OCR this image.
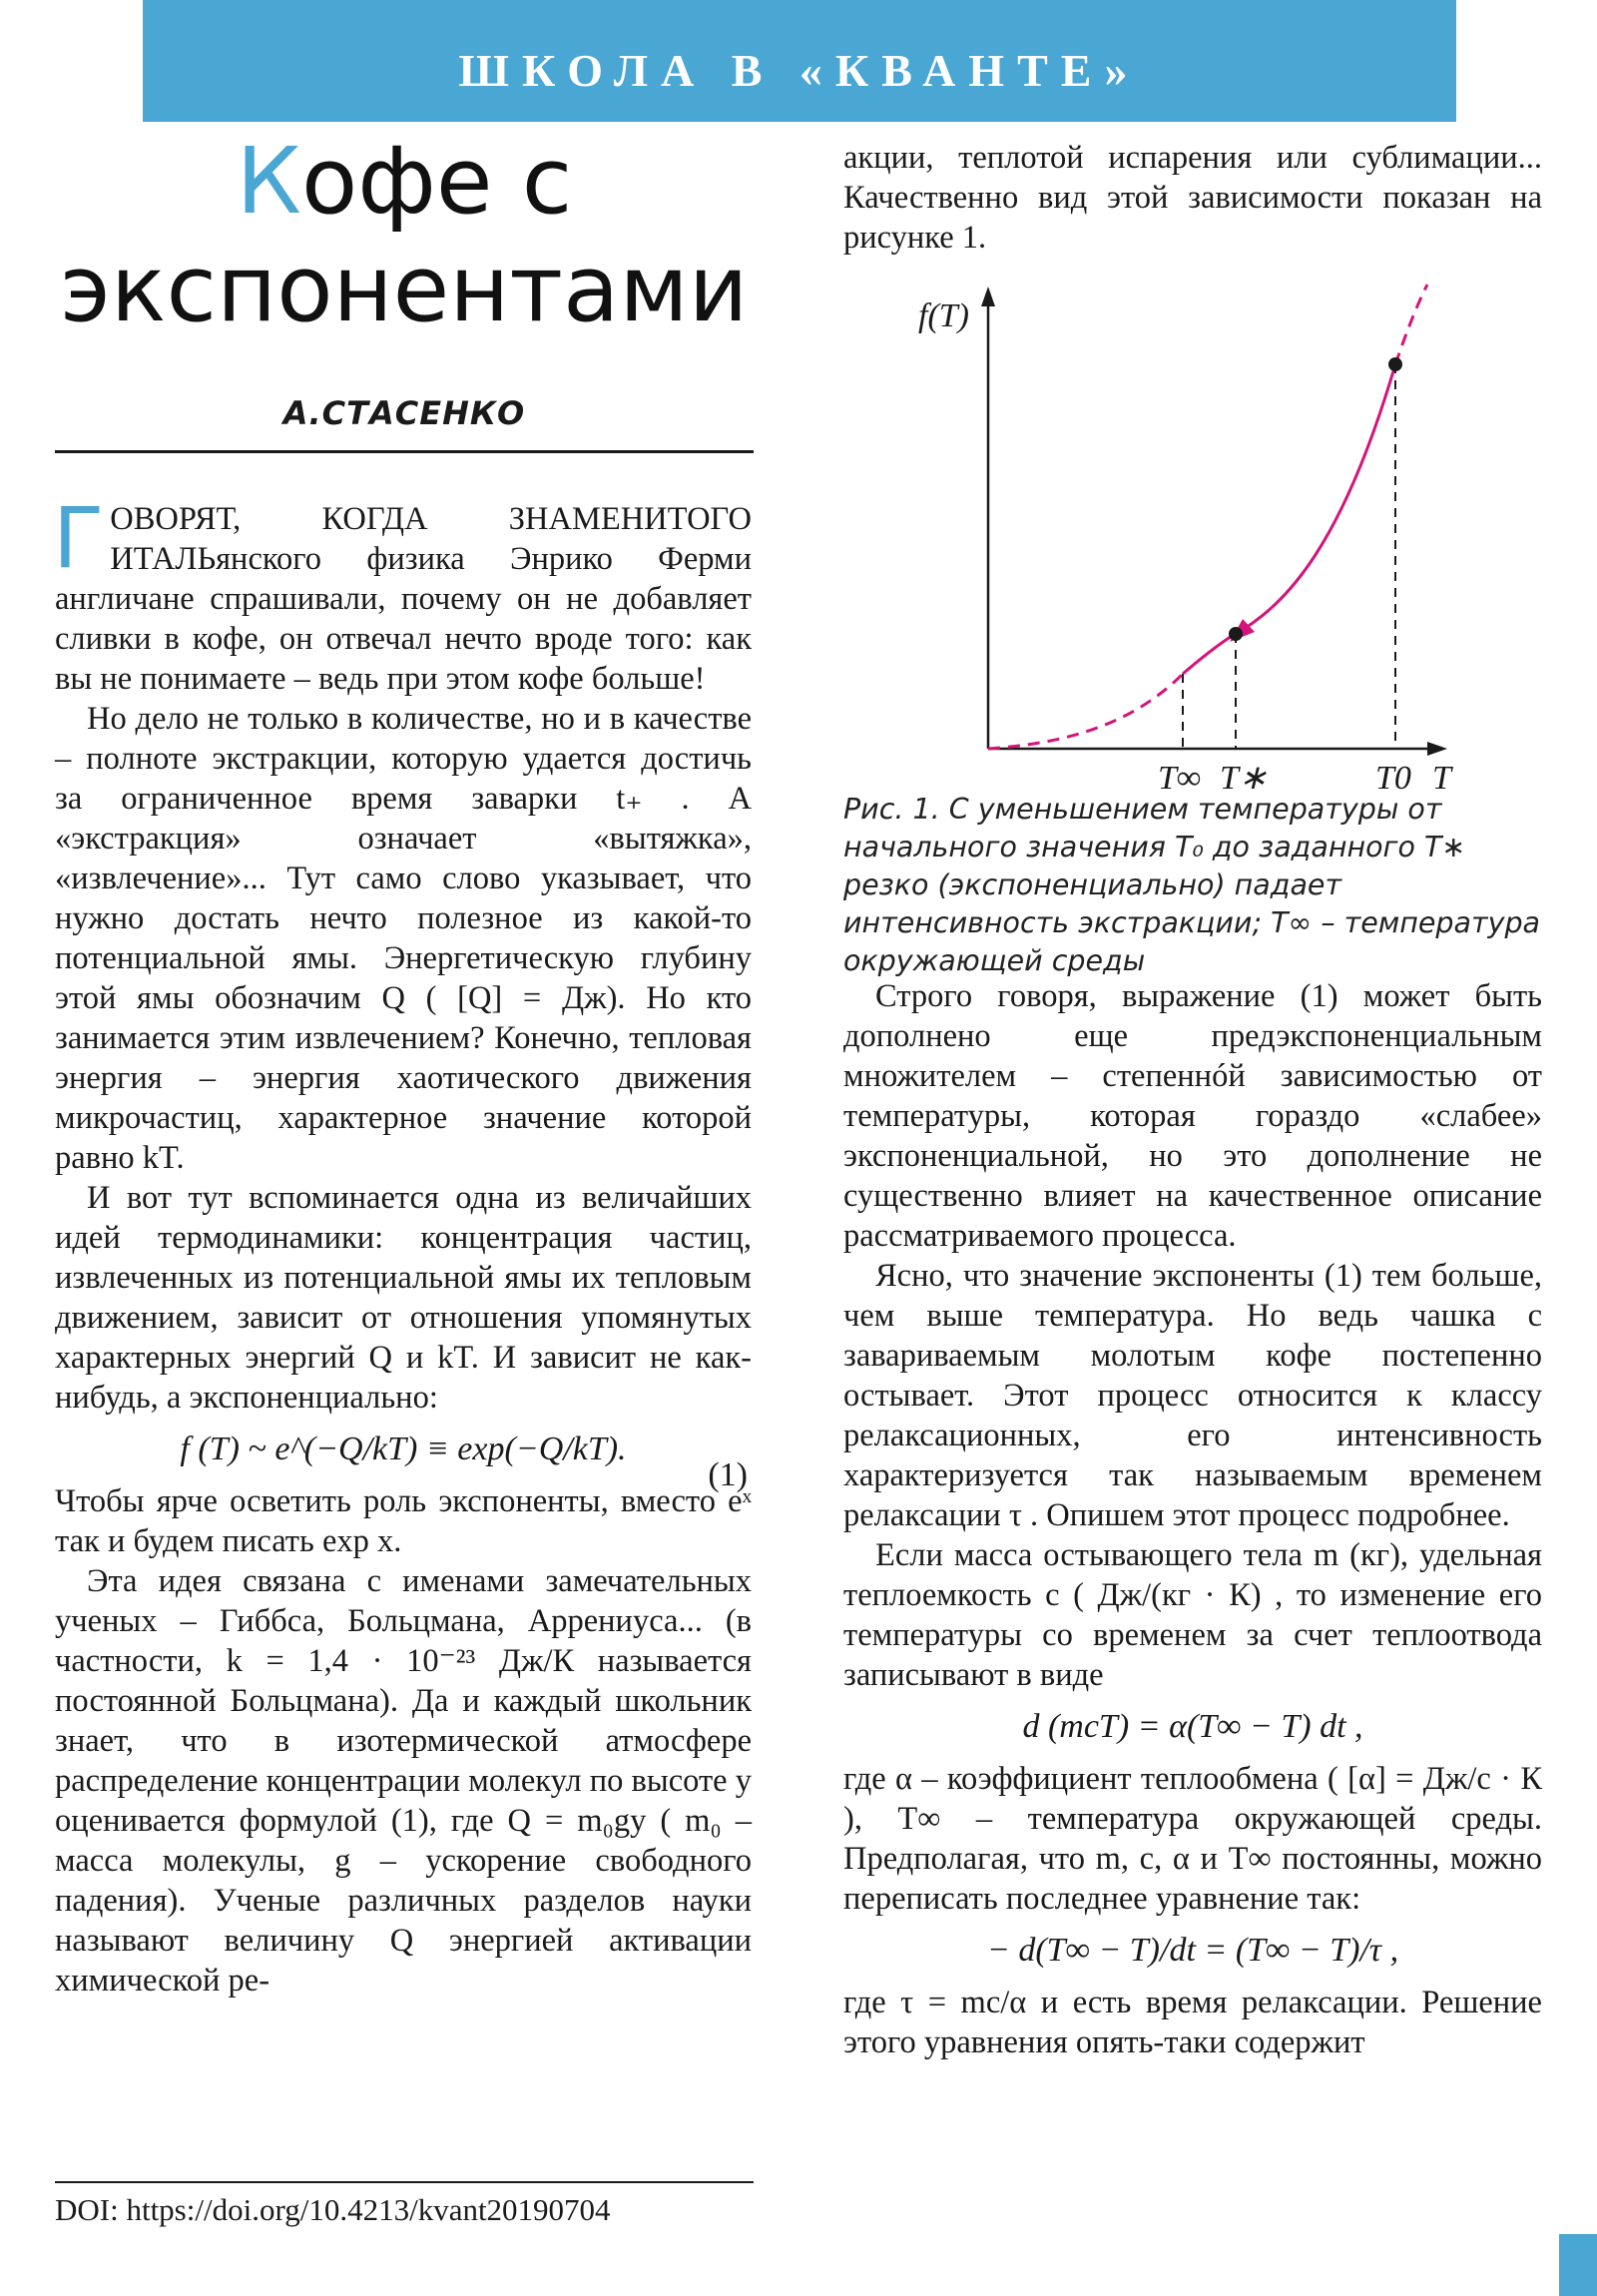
ШКОЛА В «КВАНТЕ»
Кофе с
экспонентами
А.СТАСЕНКО

ГОВОРЯТ, КОГДА ЗНАМЕНИТОГО ИТАЛЬянского физика Энрико Ферми англичане спрашивали, почему он не добавляет сливки в кофе, он отвечал нечто вроде того: как вы не понимаете – ведь при этом кофе больше!

Но дело не только в количестве, но и в качестве – полноте экстракции, которую удается достичь за ограниченное время заварки t₊ . А «экстракция» означает «вытяжка», «извлечение»... Тут само слово указывает, что нужно достать нечто полезное из какой-то потенциальной ямы. Энергетическую глубину этой ямы обозначим Q ( [Q] = Дж). Но кто занимается этим извлечением? Конечно, тепловая энергия – энергия хаотического движения микрочастиц, характерное значение которой равно kT.

И вот тут вспоминается одна из величайших идей термодинамики: концентрация частиц, извлеченных из потенциальной ямы их тепловым движением, зависит от отношения упомянутых характерных энергий Q и kT. И зависит не как-нибудь, а экспоненциально:

f (T) ~ e^(−Q/kT) ≡ exp(−Q/kT).
(1)

Чтобы ярче осветить роль экспоненты, вместо eˣ так и будем писать exp x.

Эта идея связана с именами замечательных ученых – Гиббса, Больцмана, Аррениуса... (в частности, k = 1,4 · 10⁻²³ Дж/К называется постоянной Больцмана). Да и каждый школьник знает, что в изотермической атмосфере распределение концентрации молекул по высоте y оценивается формулой (1), где Q = m₀gy ( m₀ – масса молекулы, g – ускорение свободного падения). Ученые различных разделов науки называют величину Q энергией активации химической ре-

DOI: https://doi.org/10.4213/kvant20190704

акции, теплотой испарения или сублимации... Качественно вид этой зависимости показан на рисунке 1.

f(T)
T
T∞ T∗	T0
Рис. 1. С уменьшением температуры от начального значения T₀ до заданного T∗ резко (экспоненциально) падает интенсивность экстракции; T∞ – температура окружающей среды

Строго говоря, выражение (1) может быть дополнено еще предэкспоненциальным множителем – степеннóй зависимостью от температуры, которая гораздо «слабее» экспоненциальной, но это дополнение не существенно влияет на качественное описание рассматриваемого процесса.

Ясно, что значение экспоненты (1) тем больше, чем выше температура. Но ведь чашка с завариваемым молотым кофе постепенно остывает. Этот процесс относится к классу релаксационных, его интенсивность характеризуется так называемым временем релаксации τ . Опишем этот процесс подробнее.

Если масса остывающего тела m (кг), удельная теплоемкость c ( Дж/(кг · К) , то изменение его температуры со временем за счет теплоотвода записывают в виде

d (mcT) = α(T∞ − T) dt ,

где α – коэффициент теплообмена ( [α] = Дж/с · К ), T∞ – температура окружающей среды. Предполагая, что m, c, α и T∞ постоянны, можно переписать последнее уравнение так:

− d(T∞ − T)/dt = (T∞ − T)/τ ,

где τ = mc/α и есть время релаксации. Решение этого уравнения опять-таки содержит
